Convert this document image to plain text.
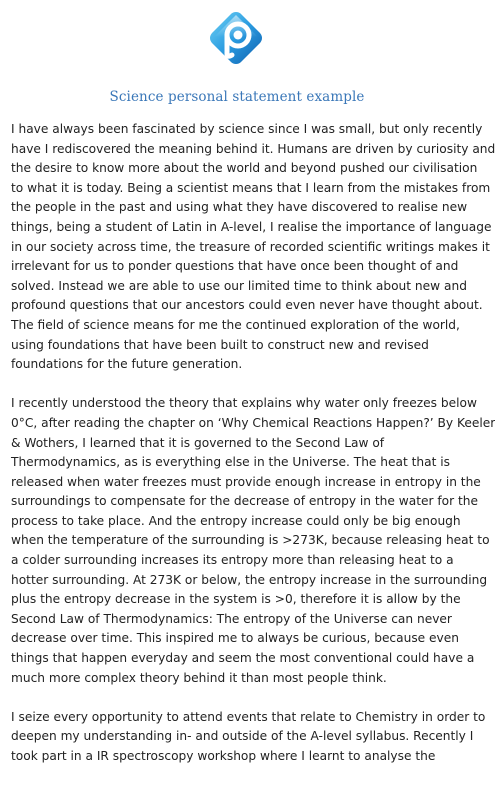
Science personal statement example
I have always been fascinated by science since I was small, but only recently
have I rediscovered the meaning behind it. Humans are driven by curiosity and
the desire to know more about the world and beyond pushed our civilisation
to what it is today. Being a scientist means that I learn from the mistakes from
the people in the past and using what they have discovered to realise new
things, being a student of Latin in A-level, I realise the importance of language
in our society across time, the treasure of recorded scientific writings makes it
irrelevant for us to ponder questions that have once been thought of and
solved. Instead we are able to use our limited time to think about new and
profound questions that our ancestors could even never have thought about.
The field of science means for me the continued exploration of the world,
using foundations that have been built to construct new and revised
foundations for the future generation.
I recently understood the theory that explains why water only freezes below
0°C, after reading the chapter on ‘Why Chemical Reactions Happen?’ By Keeler
& Wothers, I learned that it is governed to the Second Law of
Thermodynamics, as is everything else in the Universe. The heat that is
released when water freezes must provide enough increase in entropy in the
surroundings to compensate for the decrease of entropy in the water for the
process to take place. And the entropy increase could only be big enough
when the temperature of the surrounding is >273K, because releasing heat to
a colder surrounding increases its entropy more than releasing heat to a
hotter surrounding. At 273K or below, the entropy increase in the surrounding
plus the entropy decrease in the system is >0, therefore it is allow by the
Second Law of Thermodynamics: The entropy of the Universe can never
decrease over time. This inspired me to always be curious, because even
things that happen everyday and seem the most conventional could have a
much more complex theory behind it than most people think.
I seize every opportunity to attend events that relate to Chemistry in order to
deepen my understanding in- and outside of the A-level syllabus. Recently I
took part in a IR spectroscopy workshop where I learnt to analyse the
